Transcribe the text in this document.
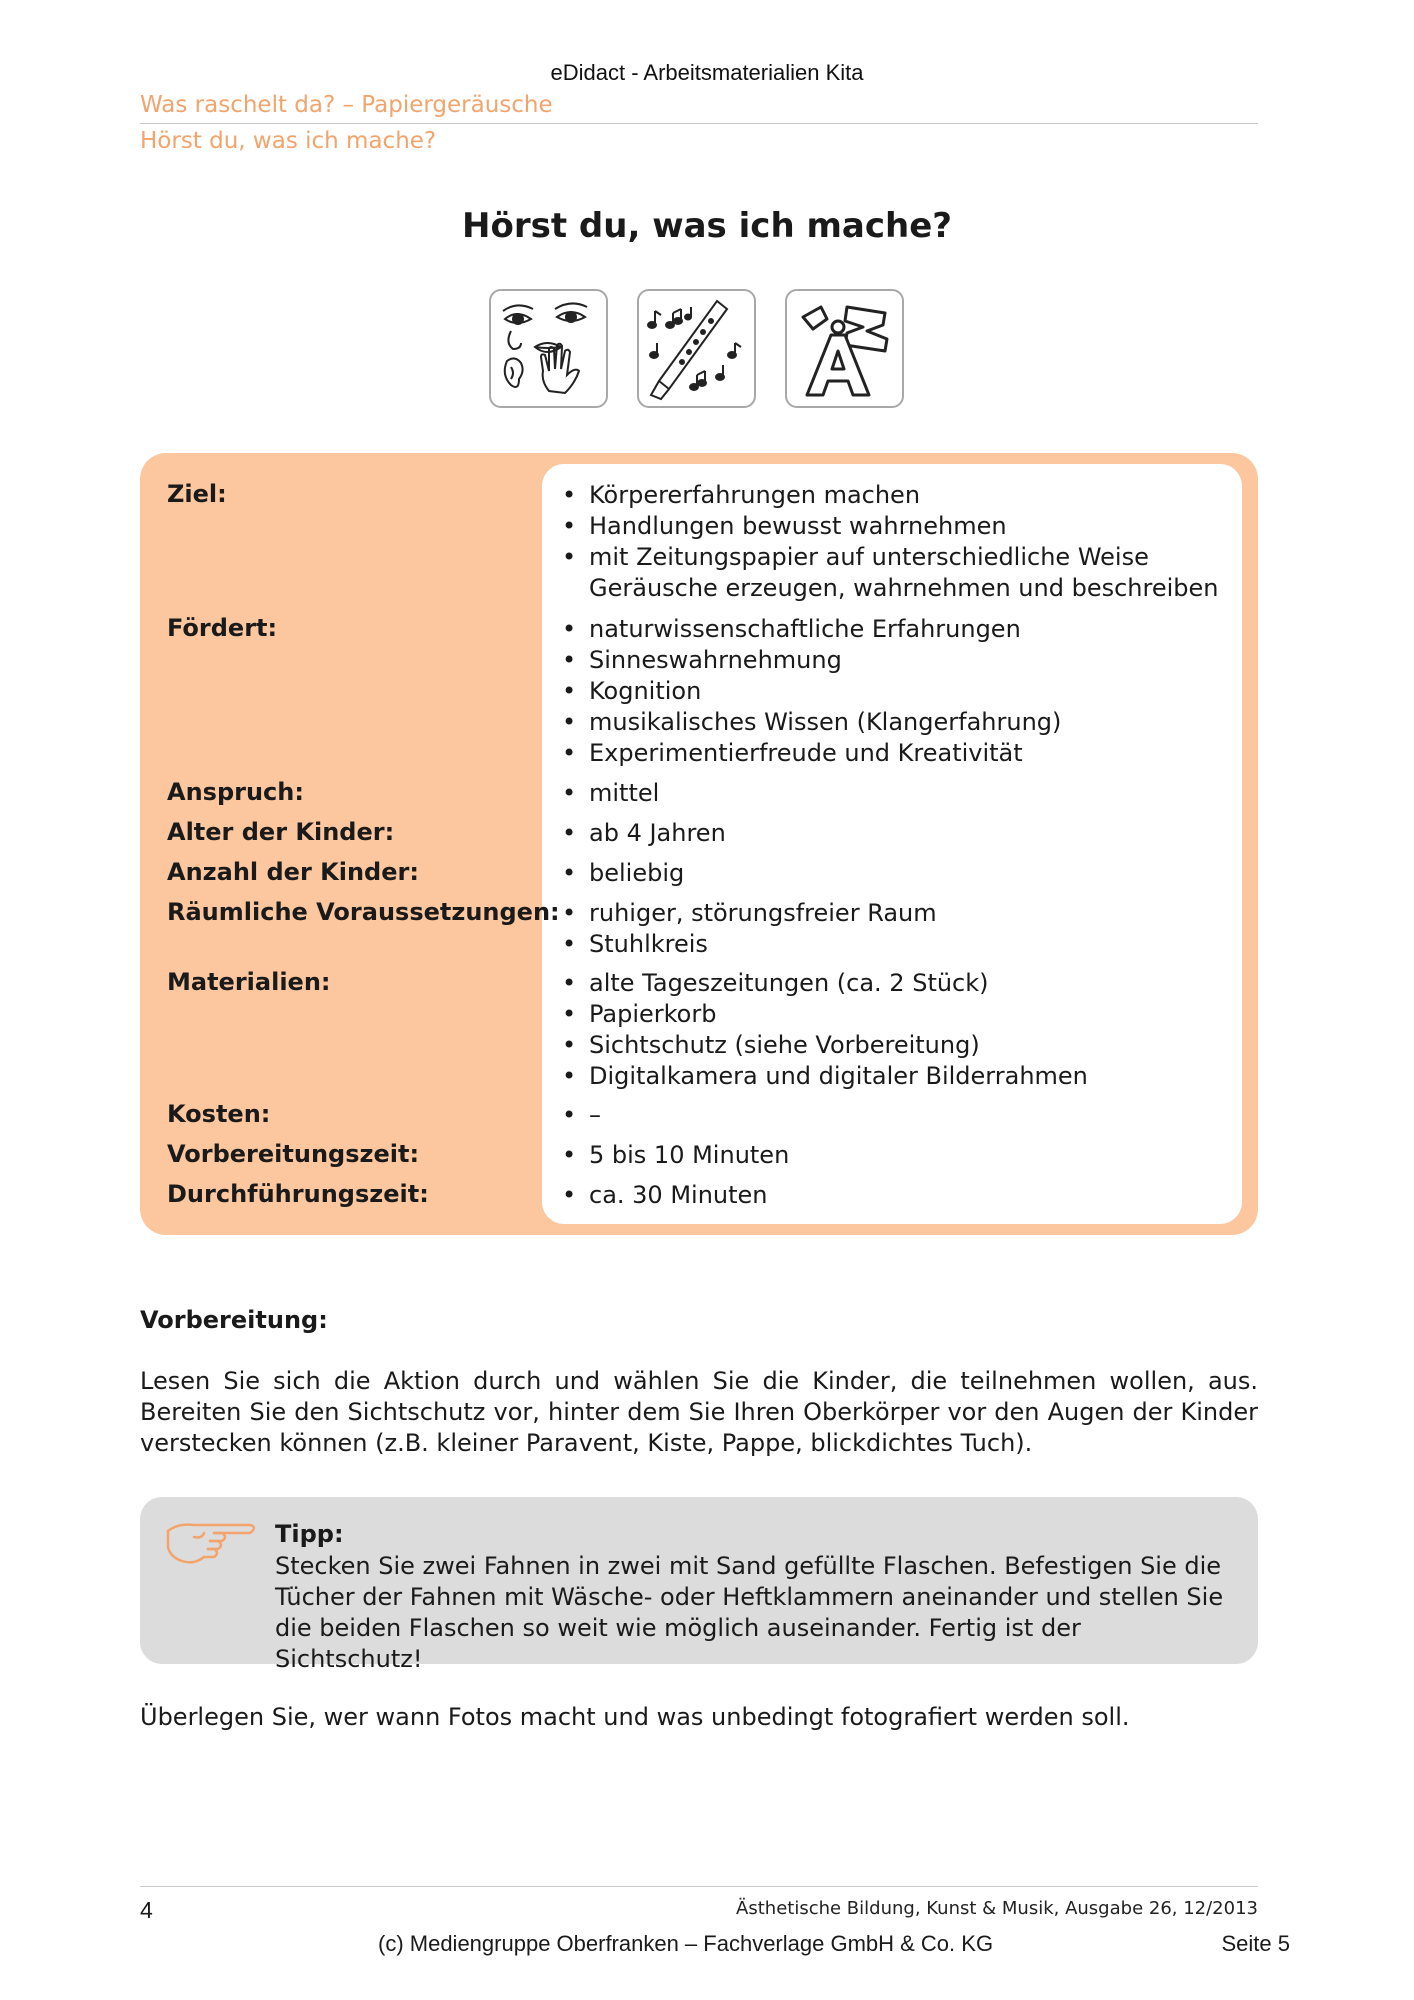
eDidact - Arbeitsmaterialien Kita
Was raschelt da? – Papiergeräusche
Hörst du, was ich mache?
Hörst du, was ich mache?
Ziel:	• Körpererfahrungen machen
• Handlungen bewusst wahrnehmen
• mit Zeitungspapier auf unterschiedliche Weise
Geräusche erzeugen, wahrnehmen und beschreiben
Fördert:	• naturwissenschaftliche Erfahrungen
• Sinneswahrnehmung
• Kognition
• musikalisches Wissen (Klangerfahrung)
• Experimentierfreude und Kreativität
Anspruch:	• mittel
Alter der Kinder:	• ab 4 Jahren
Anzahl der Kinder:	• beliebig
Räumliche Voraussetzungen: • ruhiger, störungsfreier Raum
• Stuhlkreis
Materialien:	• alte Tageszeitungen (ca. 2 Stück)
• Papierkorb
• Sichtschutz (siehe Vorbereitung)
• Digitalkamera und digitaler Bilderrahmen
Kosten:	• –
Vorbereitungszeit:	• 5 bis 10 Minuten
Durchführungszeit:	• ca. 30 Minuten
Vorbereitung:
Lesen Sie sich die Aktion durch und wählen Sie die Kinder, die teilnehmen wollen, aus. Bereiten Sie den Sichtschutz vor, hinter dem Sie Ihren Oberkörper vor den Augen der Kinder verstecken können (z.B. kleiner Paravent, Kiste, Pappe, blickdichtes Tuch).
Tipp:
Stecken Sie zwei Fahnen in zwei mit Sand gefüllte Flaschen. Befestigen Sie die Tücher der Fahnen mit Wäsche- oder Heftklammern aneinander und stellen Sie die beiden Flaschen so weit wie möglich auseinander. Fertig ist der Sichtschutz!
Überlegen Sie, wer wann Fotos macht und was unbedingt fotografiert werden soll.
4	Ästhetische Bildung, Kunst & Musik, Ausgabe 26, 12/2013
(c) Mediengruppe Oberfranken – Fachverlage GmbH & Co. KG	Seite 5
